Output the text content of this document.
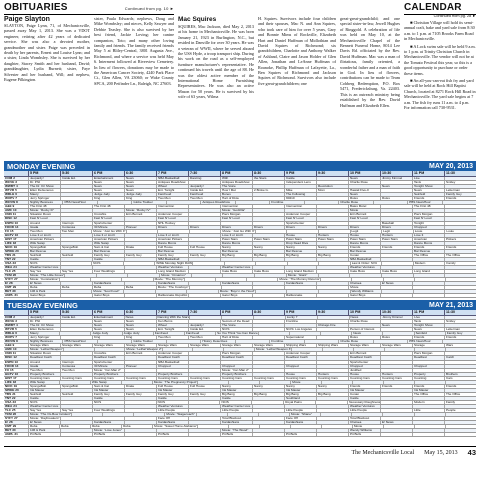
OBITUARIES	Continued from pg. 10 ►
Paige Slayton
SLAYTON, Paige Lynn, 71, of Mechanicsville, passed away May 1, 2013. She was a VDOT engineer, retiring after 42 years of dedicated service. She was also a devoted mother, grandmother and sister. Paige was preceded in death by her parents, Ernest and Louise Lynn; and a sister, Linda Wombsley. She is survived by her daughter, Stacey Smith and her husband, David; granddaughter, Lydia Burnett; sister, Faye Silvester and her husband, Will; and nephew, Eugene Pilkington.
sister, Paula Edwards; nephews, Doug and Mike Wombsley; and nieces, Kelly Sawyer and Debbie Teasley. She is also survived by her best friend, Jackie Loving; her canine companion, Toto; and many other loving family and friends. The family received friends May 5 at Bliley-Central, 3801 Augusta Ave., Richmond, and where a service was held May 6. Interment followed at Riverview Cemetery. In lieu of flowers, donations may be made to the American Cancer Society, 4240 Park Place Ct., Glen Allen, VA 23060; or Wake County SPCA, 200 Petfinder Ln., Raleigh, NC 27603.
Mac Squires
SQUIRES, Mac Jackson, died May 2, 2013 at his home in Mechanicsville. He was born January 21, 1923 in Burlington, N.C., but resided in Danville for over 30 years. He was a veteran of WWII, where he served aboard the USS Hyde, a troop transport ship. During his work on the road as a self-employed furniture manufacturer's representative. He continued his travels until the age of 88. He was the oldest active member of the International Home Furnishing Representatives. He was also an active Mason for 50 years. He is survived by his wife of 63 years, Wilma
H. Squires. Survivors include four children and their spouses, Mac N. and Ann Squires, who took care of him for over 5 years, Gary and Bonnie Mims of Rockville, Elizabeth Hart and Daniel Huffman of Midlothian and David Squires of Richmond; six grandchildren, Charlotte and Anthony Walker of Ashland, Claire and Jason Holder of Glen Allen, Jonathan and LeAnne Huffman of Roanoke, Phillip Huffman of Lafayette, La., Ben Squires of Richmond and Jackson Squires of Richmond. Survivors also include five great-grandchildren; one
great-great-grandchild; and one special sister-in-law, Jewell Hughes of Ringgold. A celebration of life was held on May 10, at the Mechanicsville Chapel of the Bennett Funeral Home, 8014 Lee Davis Rd. officiated by the Rev. David Huffman. Mac was a man of flirtatious, family oriented, a wonderful father and a man of faith in God. In lieu of flowers, contributions can be made to Team Cohberg Redemption, P.O. Box 5471, Fredericksburg, Va. 22403. This is an outreach ministry being established by the Rev. David Huffman and Elizabeth Ellen.
CALENDAR
Continued from pg. 28 ►

■ Christian Village will hold its semi-annual craft, bake and yard sale from 8:30 a.m. to 1 p.m. at 7105 Brooks Farm Road in Mechanicsville.

■ A Lock swim sale will be held 9 a.m. to 1 p.m. at Trinity Christian Church in Mechanicsville. The vendor will not be at the Tomato Festival this year, so this is a good opportunity to purchase or order these items.

■ An all-you-can-eat fish fry and yard sale will be held at Rock Hill Baptist Church, located at 8271 Rock Hill Road in Mechanicsville. The yard sale begins at 7 a.m. The fish fry runs 11 a.m. to 4 p.m. For information call 730-9531.

MONDAY EVENING	MAY 20, 2013
5 PM	5:30	6 PM	6:30	7 PM	7:30	8 PM	8:30	9 PM	9:30	10 PM	10:30	11 PM	11:30
COM 2	Jeopardy!	Inside Ed.	Entertainment	News	NBA Basketball	Dancing	With	the Stars	Castle	News	Jimmy Kimmel	Live
WCVE 3	Dr. Phil	News	News	Antiques Roadshow	Antiques Roadshow	Independent Lens	Charlie Rose	Tavis	Smiley
WWBT 4	The Dr. Oz Show	News	News	Wheel	Jeopardy!	The Voice	Revolution	News	Tonight Show
WTVR 5	Ellen DeGeneres	News	News	Ent. Tonight	Inside Ed.	How I Met	2 Broke G.	Mike	Mom	Hawaii Five-0	News	Letterman
WRLH 6	Maury	Judge Judy	Judge Judy	FamFeud	FamFeud	Bones	The Following	News	Seinfeld	Family Guy
WUPV 7	Jerry Springer	King	King	Two Men	Two Men	Hart of Dixie	90210	Rules	Rules	Friends	Friends
WCVW 8	Nightly Business	PBS NewsHour	Globe Trekker	Antiques Roadshow	Frontline	Charlie Rose	PBS NewsHour
A&E 9	The First 48	The First 48	Intervention	Intervention	Intervention	Bates Motel	The First 48
AMC 10	Movie: “Rocky III”	Movie: “Rocky IV”	Movie: “Godzilla”	Movie
CNN 11	Situation Room	Crossfire	Erin Burnett	Anderson Cooper	Piers Morgan	Anderson Cooper	Erin Burnett	Piers Morgan
DISC 12	Fast N' Loud	Fast N' Loud	Fast N' Loud	Fast N' Loud	Fast N' Loud	Fast N' Loud	Fast N' Loud
ESPN 13	Around	Interrupt.	SportsCenter	NHL Hockey	SportsCenter	Baseball	Tonight
FOOD 14	Giada	Contessa	30 Minute	Pioneer	Diners	Diners	Diners	Diners	Diners	Diners	Diners	Diners	Chopped
FX 15	Two Men	Two Men	Movie: “Just Go With It”	Movie: “Just Go With It”	Legit	Legit	Louie	Louie
HGTV 16	Love It or List It	Love It or List It	Love It or List It	Love It or List It	House	Hunters	House	Hunters	Love It
HIST 17	American Pickers	American Pickers	American Pickers	Pawn Stars	Pawn Stars	Pawn Stars	Pawn Stars	Pawn Stars	Pawn Stars	American	Pickers
LIFE 18	Wife Swap	Wife Swap	Dance Moms	Dance Moms	Drop Dead Diva	Dance Moms	Dance Moms
NICK 19	SpongeBob	SpongeBob	Sam & Cat	Drake	Full House	Full House	Nanny	Nanny	Nanny	Nanny	Friends	Friends	Friends	Friends
SPIKE 20	Bar Rescue	Bar Rescue	Bar Rescue	Bar Rescue	Bar Rescue	Bar Rescue	Bar Rescue
TBS 21	Seinfeld	Seinfeld	Family Guy	Family Guy	Family Guy	Family Guy	Big Bang	Big Bang	Big Bang	Big Bang	Conan	The Office	The Office
TNT 22	Castle	Castle	NBA Basketball	NBA Basketball
USA 23	NCIS	NCIS	WWE Monday Night RAW	Law & Order: SVU	Modern	Family
WEA 24	Weather Center Live	Weather Ventures	Weather Center Live	Weather Ventures
TLC 25	Say Yes	Say Yes	Four Weddings	Long Island Medium	Cake Boss	Cake Boss	Long Island Medium	Cake Boss	Cake Boss	Long Island
TCM 26	Movie: “The Little Foxes”	Movie: “Cimarron”	Movie: “Giant”
SYFY 27	Movie: “Constantine”	Movie: “The Mummy”	Movie: “The Mummy Returns”
E! 28	E! News	Kardashians	Kardashians	Kardashians	Kardashians	Chelsea	E! News
CMT 29	Reba	Reba	Reba	Reba	Movie: “The Cowboys”	Movie
BET 30	106 & Park	Movie: “Soul Food”	Movie: “Boyz n the Hood”	Wendy Williams
ANPL 31	Gator Boys	Gator Boys	Rattlesnake Republic	Gator Boys	Rattlesnake	Gator Boys
TUESDAY EVENING	MAY 21, 2013
5 PM	5:30	6 PM	6:30	7 PM	7:30	8 PM	8:30	9 PM	9:30	10 PM	10:30	11 PM	11:30
COM 2	Jeopardy!	Inside Ed.	Entertainment	News	Dancing With the Stars	Lucky 7	News	Jimmy Kimmel	Live
WCVE 3	Dr. Phil	News	News	Ken Burns	Secrets of the Dead	Frontline	Charlie Rose	Tavis	Smiley
WWBT 4	The Dr. Oz Show	News	News	Wheel	Jeopardy!	The Voice	Chicago Fire	News	Tonight Show
WTVR 5	Ellen DeGeneres	News	News	Ent. Tonight	Inside Ed.	NCIS	NCIS: Los Angeles	Person of Interest	News	Letterman
WRLH 6	Maury	Judge Judy	Judge Judy	FamFeud	FamFeud	So You Think You Can Dance	News	Seinfeld	Family Guy
WUPV 7	Jerry Springer	King	King	Two Men	Two Men	Hart of Dixie	Supernatural	Rules	Rules	Friends	Friends
WCVW 8	Nightly Business	PBS NewsHour	Globe Trekker	History Detectives	Frontline	Charlie Rose	PBS NewsHour
A&E 9	Storage Wars	Storage Wars	Storage Wars	Storage Wars	Storage Wars	Storage Wars	Storage Wars	Storage Wars	Shipping Wars	Shipping Wars	Storage Wars	Storage Wars	Storage	Wars
AMC 10	Movie: “Lethal Weapon”	Movie: “Lethal Weapon 2”	Movie: “Lethal Weapon 3”
CNN 11	Situation Room	Crossfire	Erin Burnett	Anderson Cooper	Piers Morgan	Anderson Cooper	Erin Burnett	Piers Morgan
DISC 12	Deadliest Catch	Deadliest Catch	Deadliest Catch	Deadliest Catch	Deadliest Catch	Deadliest Catch	Deadliest	Catch
ESPN 13	Around	Interrupt.	SportsCenter	NBA Basketball	SportsCenter
FOOD 14	Giada	Contessa	30 Minute	Pioneer	Chopped	Chopped	Chopped	Chopped	Chopped
FX 15	Two Men	Two Men	Movie: “Iron Man 2”	Movie: “Iron Man 2”	Justified
HGTV 16	Property Brothers	Property Brothers	Property Brothers	Property Brothers	House	Hunters	House	Hunters	Property	Brothers
HIST 17	Counting Cars	Counting Cars	Counting Cars	Counting Cars	Counting Cars	Counting Cars	Counting Cars	Counting Cars	Counting Cars	Counting Cars	Counting Cars	Counting Cars	Counting	Cars
LIFE 18	Wife Swap	Wife Swap	Movie: “The Pregnancy Project”	Movie
NICK 19	SpongeBob	SpongeBob	Sam & Cat	Drake	Full House	Full House	Nanny	Nanny	Nanny	Nanny	Friends	Friends	Friends	Friends
SPIKE 20	Ink Master	Ink Master	Ink Master	Ink Master	Ink Master	Ink Master	Ink Master
TBS 21	Seinfeld	Seinfeld	Family Guy	Family Guy	Family Guy	Family Guy	Big Bang	Big Bang	Big Bang	Big Bang	Conan	The Office	The Office
TNT 22	Castle	Castle	Castle	Castle	Southland	Castle
USA 23	NCIS	NCIS	NCIS	NCIS	Royal Pains	Necessary Roughness	Modern	Family
WEA 24	Weather Center Live	Weather Ventures	Weather Center Live	Weather Ventures
TLC 25	Say Yes	Say Yes	Four Weddings	Little People	Little People	Little People	Little People	Little	People
TCM 26	Movie: “The Ox-Bow Incident”	Movie: “Stagecoach”	Movie: “Shane”
SYFY 27	Movie: “Daybreakers”	Face Off	Total Blackout	Face Off	Total Blackout
E! 28	E! News	Kardashians	Kardashians	Kardashians	Kardashians	Chelsea	E! News
CMT 29	Reba	Reba	Reba	Reba	Movie: “Sweet Home Alabama”	Movie
BET 30	106 & Park	Movie: “Love Jones”	Movie: “The Wood”	Wendy Williams
ANPL 31	Pit Bulls	Pit Bulls	Pit Bulls	Pit Bulls	Pit Bulls	Pit Bulls
The Mechanicsville Local May 15, 2013 43
